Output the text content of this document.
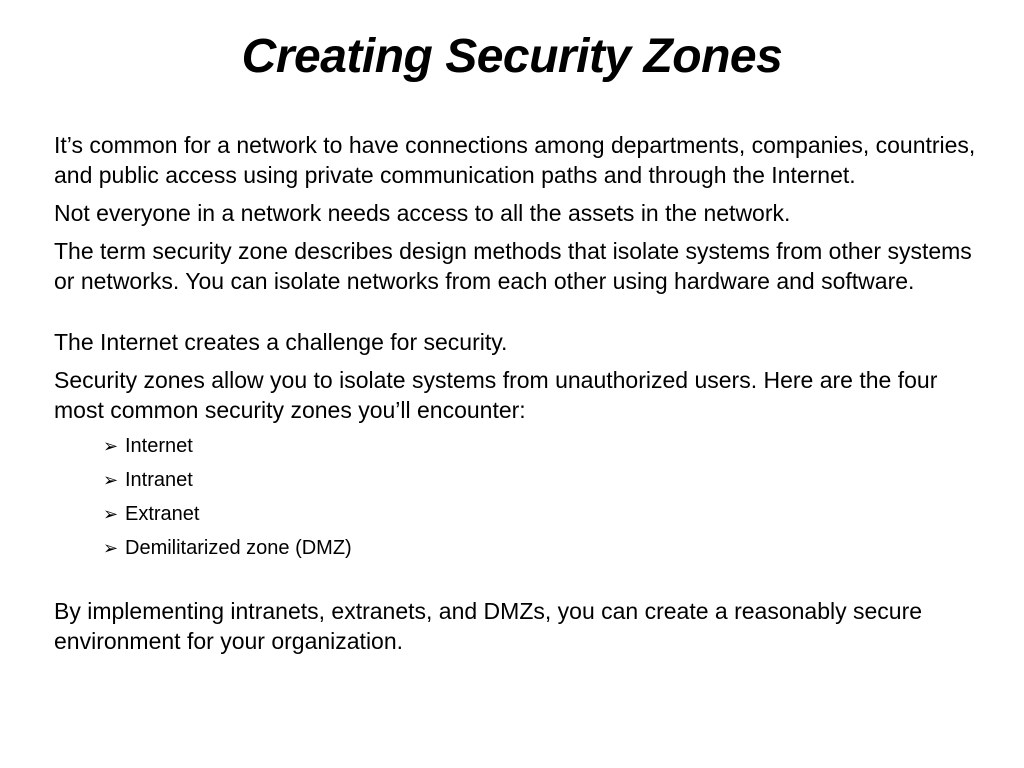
Creating Security Zones

It’s common for a network to have connections among departments, companies, countries, and public access using private communication paths and through the Internet.

Not everyone in a network needs access to all the assets in the network.

The term security zone describes design methods that isolate systems from other systems or networks. You can isolate networks from each other using hardware and software.

The Internet creates a challenge for security.

Security zones allow you to isolate systems from unauthorized users. Here are the four most common security zones you’ll encounter:

➢ Internet
➢ Intranet
➢ Extranet
➢ Demilitarized zone (DMZ)

By implementing intranets, extranets, and DMZs, you can create a reasonably secure environment for your organization.
